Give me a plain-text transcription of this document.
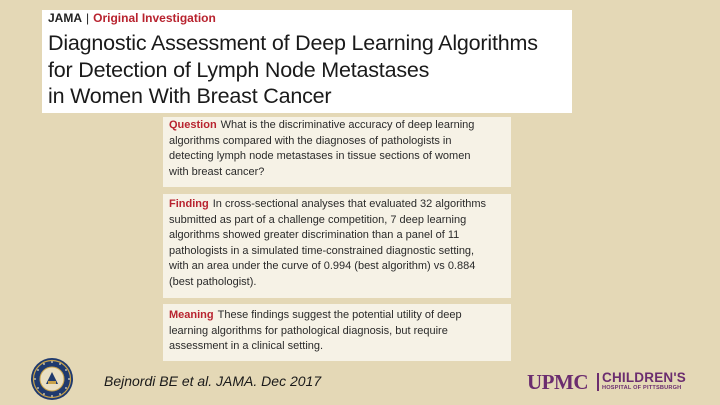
JAMA | Original Investigation
Diagnostic Assessment of Deep Learning Algorithms
for Detection of Lymph Node Metastases
in Women With Breast Cancer
Question What is the discriminative accuracy of deep learning
algorithms compared with the diagnoses of pathologists in
detecting lymph node metastases in tissue sections of women
with breast cancer?
Finding In cross-sectional analyses that evaluated 32 algorithms
submitted as part of a challenge competition, 7 deep learning
algorithms showed greater discrimination than a panel of 11
pathologists in a simulated time-constrained diagnostic setting,
with an area under the curve of 0.994 (best algorithm) vs 0.884
(best pathologist).
Meaning These findings suggest the potential utility of deep
learning algorithms for pathological diagnosis, but require
assessment in a clinical setting.
Bejnordi BE et al. JAMA. Dec 2017	UPMC CHILDREN'S
HOSPITAL OF PITTSBURGH
